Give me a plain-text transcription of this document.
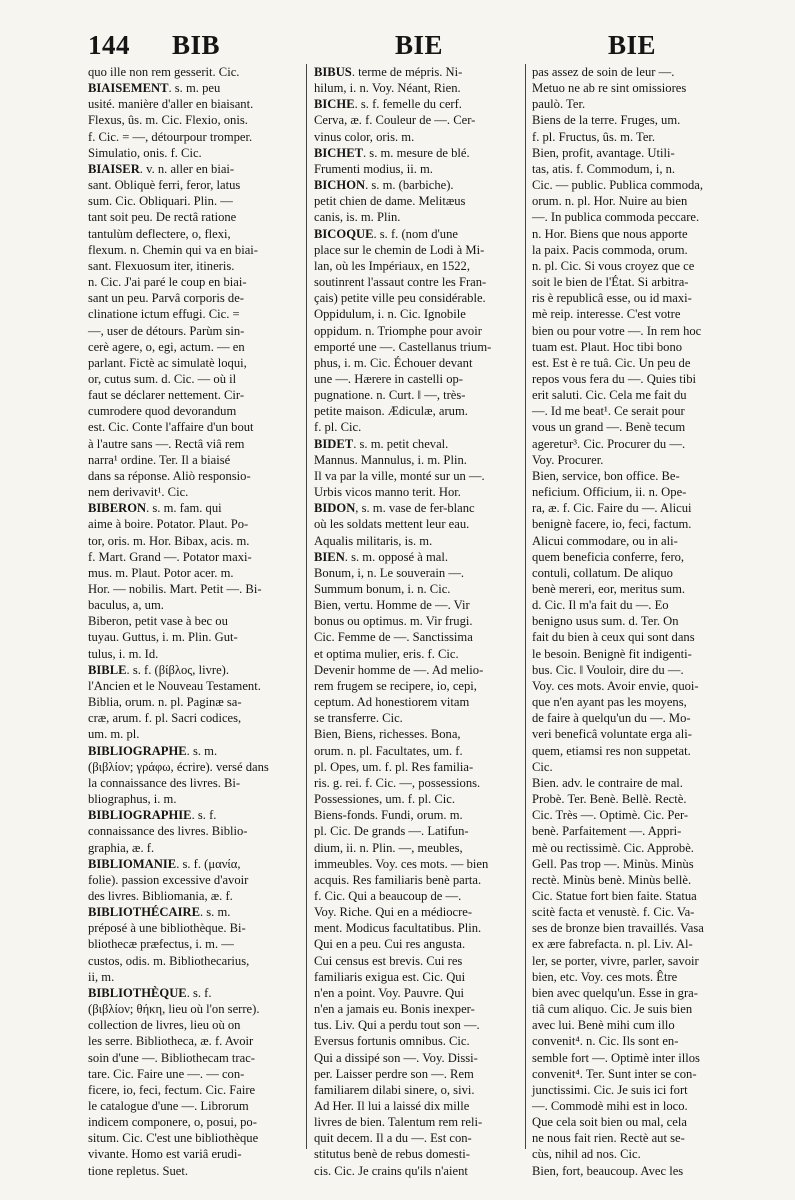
144 BIB	BIE	BIE
quo ille non rem gesserit. Cic.
BIAISEMENT. s. m. peu
usité. manière d'aller en biaisant.
Flexus, ûs. m. Cic. Flexio, onis.
f. Cic. = —, détourpour tromper.
Simulatio, onis. f. Cic.
BIAISER. v. n. aller en biai-
sant. Obliquè ferri, feror, latus
sum. Cic. Obliquari. Plin. —
tant soit peu. De rectâ ratione
tantulùm deflectere, o, flexi,
flexum. n. Chemin qui va en biai-
sant. Flexuosum iter, itineris.
n. Cic. J'ai paré le coup en biai-
sant un peu. Parvâ corporis de-
clinatione ictum effugi. Cic. =
—, user de détours. Parùm sin-
cerè agere, o, egi, actum. — en
parlant. Fictè ac simulatè loqui,
or, cutus sum. d. Cic. — où il
faut se déclarer nettement. Cir-
cumrodere quod devorandum
est. Cic. Conte l'affaire d'un bout
à l'autre sans —. Rectâ viâ rem
narra¹ ordine. Ter. Il a biaisé
dans sa réponse. Aliò responsio-
nem derivavit¹. Cic.
BIBERON. s. m. fam. qui
aime à boire. Potator. Plaut. Po-
tor, oris. m. Hor. Bibax, acis. m.
f. Mart. Grand —. Potator maxi-
mus. m. Plaut. Potor acer. m.
Hor. — nobilis. Mart. Petit —. Bi-
baculus, a, um.
Biberon, petit vase à bec ou
tuyau. Guttus, i. m. Plin. Gut-
tulus, i. m. Id.
BIBLE. s. f. (βίβλος, livre).
l'Ancien et le Nouveau Testament.
Biblia, orum. n. pl. Paginæ sa-
cræ, arum. f. pl. Sacri codices,
um. m. pl.
BIBLIOGRAPHE. s. m.
(βιβλίον; γράφω, écrire). versé dans
la connaissance des livres. Bi-
bliographus, i. m.
BIBLIOGRAPHIE. s. f.
connaissance des livres. Biblio-
graphia, æ. f.
BIBLIOMANIE. s. f. (μανία,
folie). passion excessive d'avoir
des livres. Bibliomania, æ. f.
BIBLIOTHÉCAIRE. s. m.
préposé à une bibliothèque. Bi-
bliothecæ præfectus, i. m. —
custos, odis. m. Bibliothecarius,
ii, m.
BIBLIOTHÈQUE. s. f.
(βιβλίον; θήκη, lieu où l'on serre).
collection de livres, lieu où on
les serre. Bibliotheca, æ. f. Avoir
soin d'une —. Bibliothecam trac-
tare. Cic. Faire une —. — con-
ficere, io, feci, fectum. Cic. Faire
le catalogue d'une —. Librorum
indicem componere, o, posui, po-
situm. Cic. C'est une bibliothèque
vivante. Homo est variâ erudi-
tione repletus. Suet.
BIBUS. terme de mépris. Ni-
hilum, i. n. Voy. Néant, Rien.
BICHE. s. f. femelle du cerf.
Cerva, æ. f. Couleur de —. Cer-
vinus color, oris. m.
BICHET. s. m. mesure de blé.
Frumenti modius, ii. m.
BICHON. s. m. (barbiche).
petit chien de dame. Melitæus
canis, is. m. Plin.
BICOQUE. s. f. (nom d'une
place sur le chemin de Lodi à Mi-
lan, où les Impériaux, en 1522,
soutinrent l'assaut contre les Fran-
çais) petite ville peu considérable.
Oppidulum, i. n. Cic. Ignobile
oppidum. n. Triomphe pour avoir
emporté une —. Castellanus trium-
phus, i. m. Cic. Échouer devant
une —. Hærere in castelli op-
pugnatione. n. Curt. ‖ —, très-
petite maison. Ædiculæ, arum.
f. pl. Cic.
BIDET. s. m. petit cheval.
Mannus. Mannulus, i. m. Plin.
Il va par la ville, monté sur un —.
Urbis vicos manno terit. Hor.
BIDON, s. m. vase de fer-blanc
où les soldats mettent leur eau.
Aqualis militaris, is. m.
BIEN. s. m. opposé à mal.
Bonum, i, n. Le souverain —.
Summum bonum, i. n. Cic.
Bien, vertu. Homme de —. Vir
bonus ou optimus. m. Vir frugi.
Cic. Femme de —. Sanctissima
et optima mulier, eris. f. Cic.
Devenir homme de —. Ad melio-
rem frugem se recipere, io, cepi,
ceptum. Ad honestiorem vitam
se transferre. Cic.
Bien, Biens, richesses. Bona,
orum. n. pl. Facultates, um. f.
pl. Opes, um. f. pl. Res familia-
ris. g. rei. f. Cic. —, possessions.
Possessiones, um. f. pl. Cic.
Biens-fonds. Fundi, orum. m.
pl. Cic. De grands —. Latifun-
dium, ii. n. Plin. —, meubles,
immeubles. Voy. ces mots. — bien
acquis. Res familiaris benè parta.
f. Cic. Qui a beaucoup de —.
Voy. Riche. Qui en a médiocre-
ment. Modicus facultatibus. Plin.
Qui en a peu. Cui res angusta.
Cui census est brevis. Cui res
familiaris exigua est. Cic. Qui
n'en a point. Voy. Pauvre. Qui
n'en a jamais eu. Bonis inexper-
tus. Liv. Qui a perdu tout son —.
Eversus fortunis omnibus. Cic.
Qui a dissipé son —. Voy. Dissi-
per. Laisser perdre son —. Rem
familiarem dilabi sinere, o, sivi.
Ad Her. Il lui a laissé dix mille
livres de bien. Talentum rem reli-
quit decem. Il a du —. Est con-
stitutus benè de rebus domesti-
cis. Cic. Je crains qu'ils n'aient
pas assez de soin de leur —.
Metuo ne ab re sint omissiores
paulò. Ter.
Biens de la terre. Fruges, um.
f. pl. Fructus, ûs. m. Ter.
Bien, profit, avantage. Utili-
tas, atis. f. Commodum, i, n.
Cic. — public. Publica commoda,
orum. n. pl. Hor. Nuire au bien
—. In publica commoda peccare.
n. Hor. Biens que nous apporte
la paix. Pacis commoda, orum.
n. pl. Cic. Si vous croyez que ce
soit le bien de l'État. Si arbitra-
ris è republicâ esse, ou id maxi-
mè reip. interesse. C'est votre
bien ou pour votre —. In rem hoc
tuam est. Plaut. Hoc tibi bono
est. Est è re tuâ. Cic. Un peu de
repos vous fera du —. Quies tibi
erit saluti. Cic. Cela me fait du
—. Id me beat¹. Ce serait pour
vous un grand —. Benè tecum
ageretur³. Cic. Procurer du —.
Voy. Procurer.
Bien, service, bon office. Be-
neficium. Officium, ii. n. Ope-
ra, æ. f. Cic. Faire du —. Alicui
benignè facere, io, feci, factum.
Alicui commodare, ou in ali-
quem beneficia conferre, fero,
contuli, collatum. De aliquo
benè mereri, eor, meritus sum.
d. Cic. Il m'a fait du —. Eo
benigno usus sum. d. Ter. On
fait du bien à ceux qui sont dans
le besoin. Benignè fit indigenti-
bus. Cic. ‖ Vouloir, dire du —.
Voy. ces mots. Avoir envie, quoi-
que n'en ayant pas les moyens,
de faire à quelqu'un du —. Mo-
veri beneficâ voluntate erga ali-
quem, etiamsi res non suppetat.
Cic.
Bien. adv. le contraire de mal.
Probè. Ter. Benè. Bellè. Rectè.
Cic. Très —. Optimè. Cic. Per-
benè. Parfaitement —. Appri-
mè ou rectissimè. Cic. Approbè.
Gell. Pas trop —. Minùs. Minùs
rectè. Minùs benè. Minùs bellè.
Cic. Statue fort bien faite. Statua
scitè facta et venustè. f. Cic. Va-
ses de bronze bien travaillés. Vasa
ex ære fabrefacta. n. pl. Liv. Al-
ler, se porter, vivre, parler, savoir
bien, etc. Voy. ces mots. Être
bien avec quelqu'un. Esse in gra-
tiâ cum aliquo. Cic. Je suis bien
avec lui. Benè mihi cum illo
convenit⁴. n. Cic. Ils sont en-
semble fort —. Optimè inter illos
convenit⁴. Ter. Sunt inter se con-
junctissimi. Cic. Je suis ici fort
—. Commodè mihi est in loco.
Que cela soit bien ou mal, cela
ne nous fait rien. Rectè aut se-
cùs, nihil ad nos. Cic.
Bien, fort, beaucoup. Avec les
